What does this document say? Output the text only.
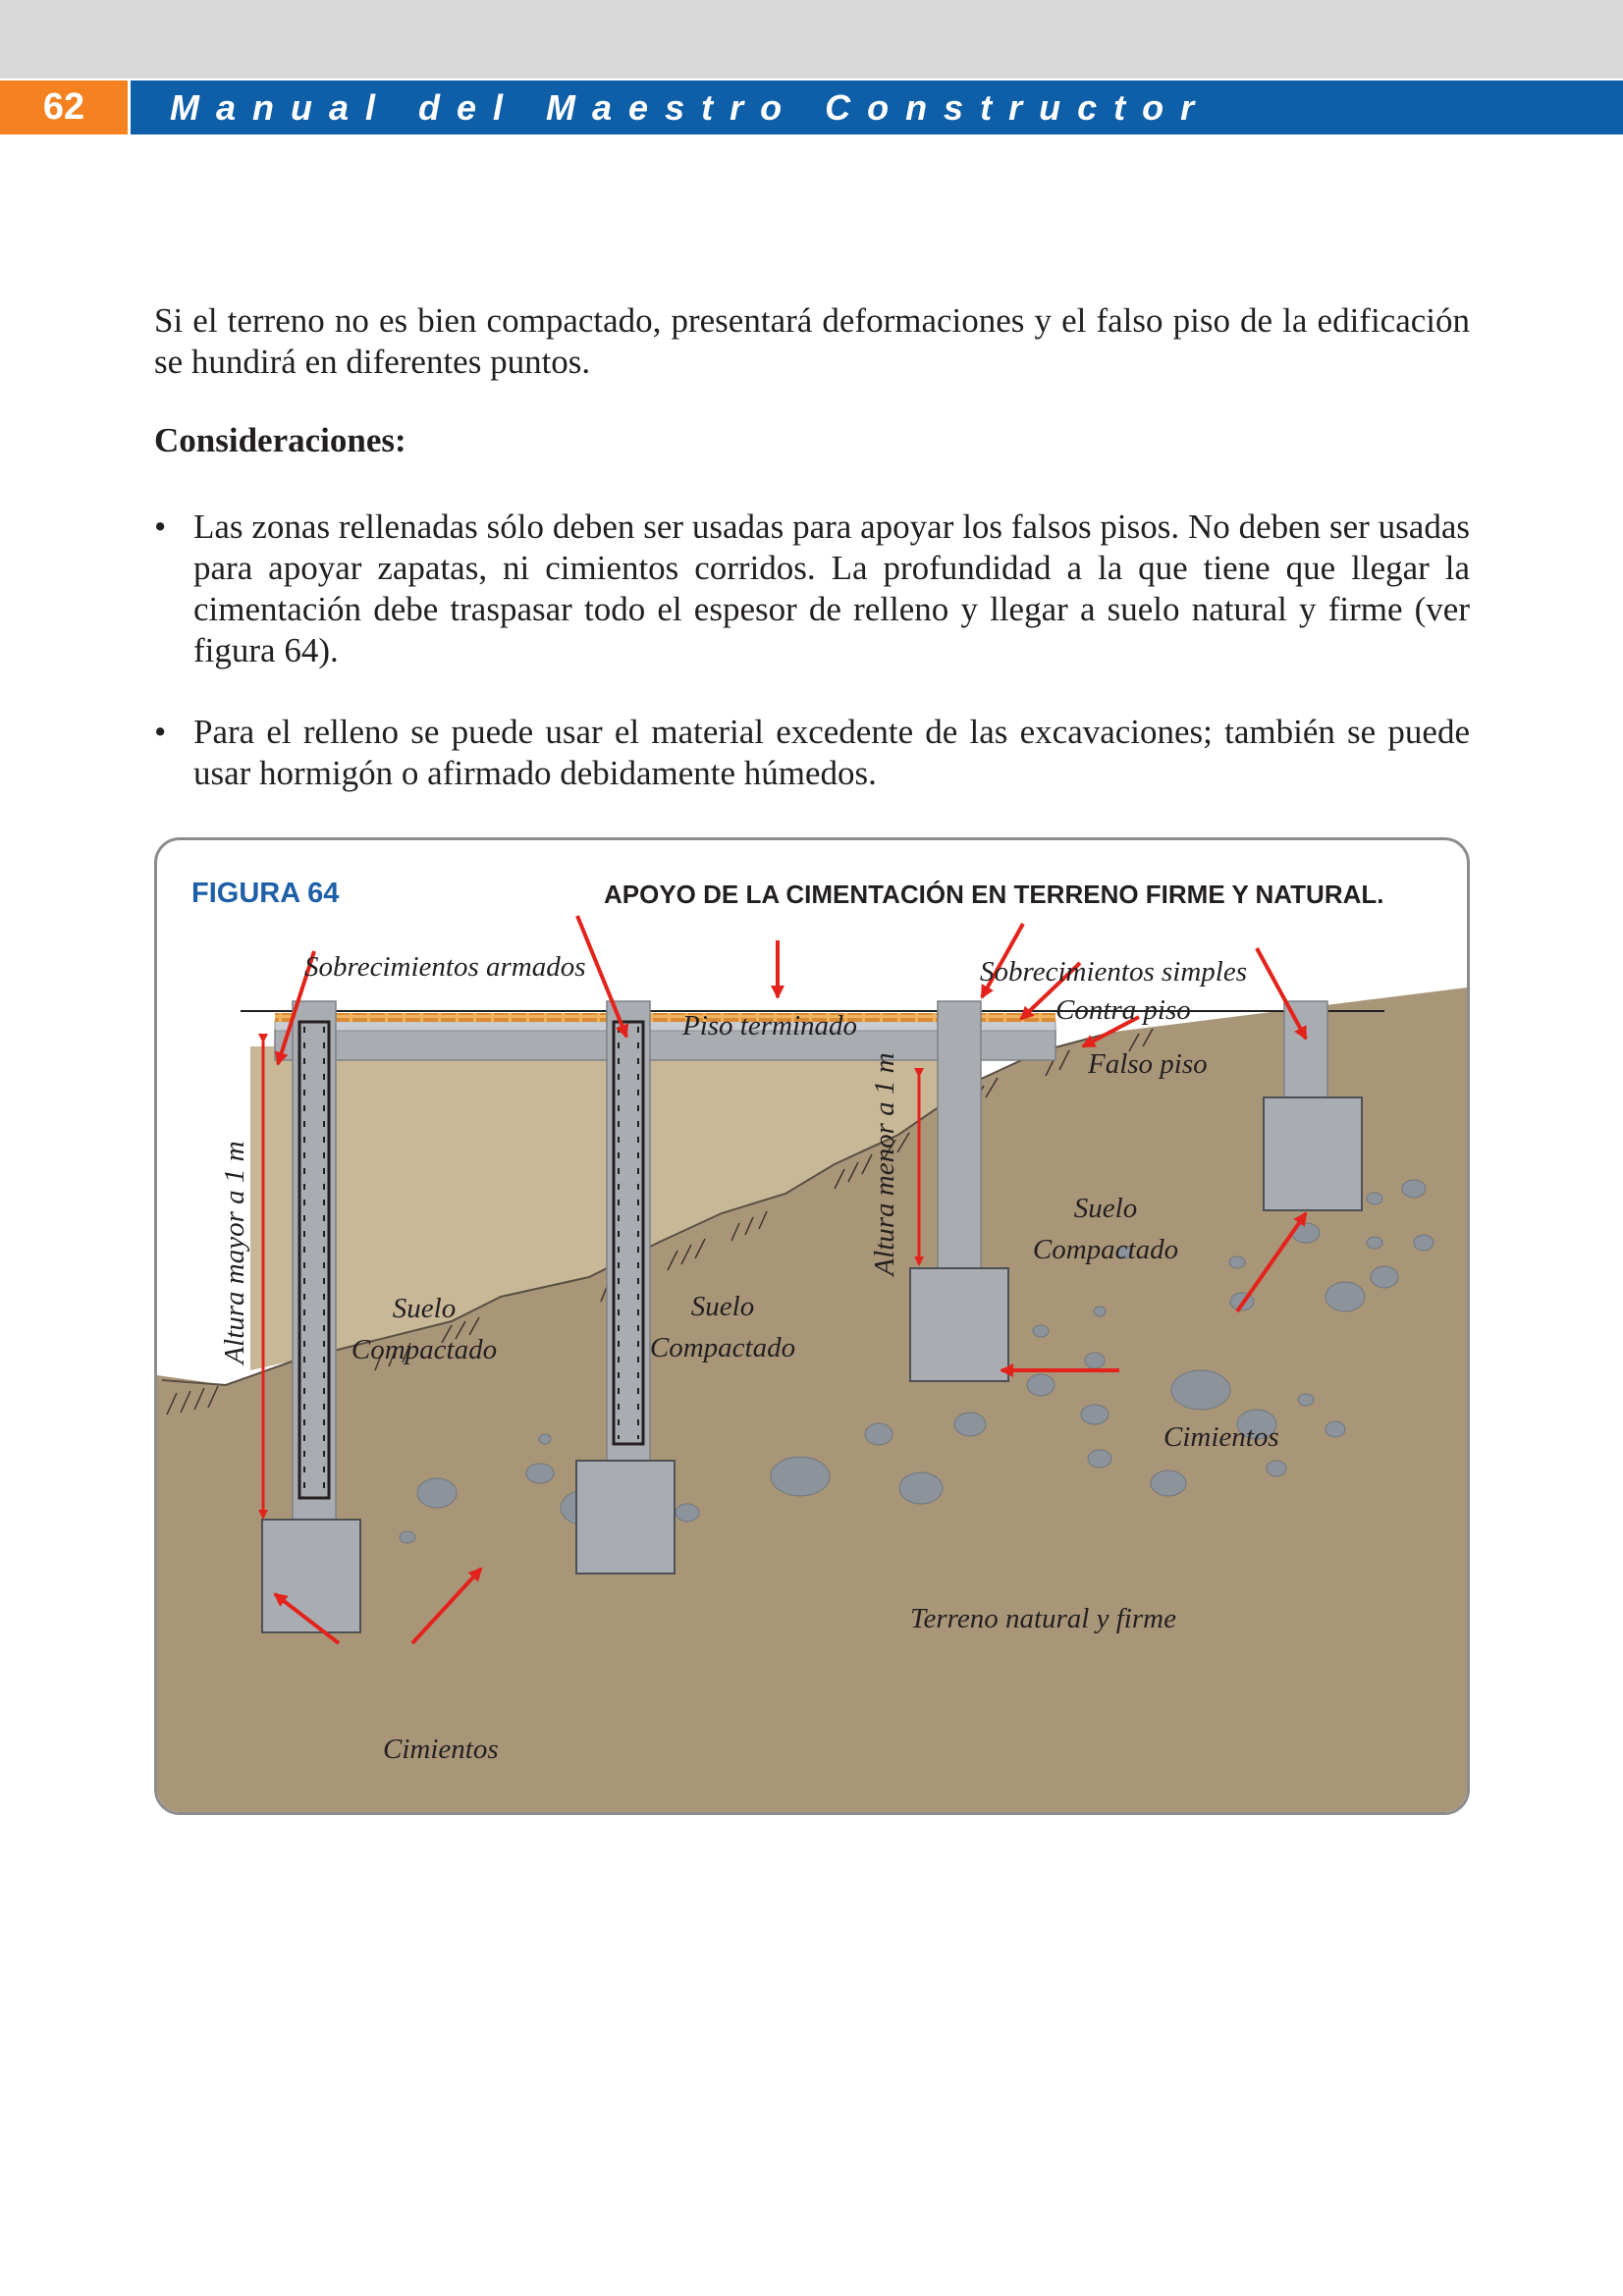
62	Manual del Maestro Constructor

Si el terreno no es bien compactado, presentará deformaciones y el falso piso de la edificación se hundirá en diferentes puntos.

Consideraciones:
• Las zonas rellenadas sólo deben ser usadas para apoyar los falsos pisos. No deben ser usadas para apoyar zapatas, ni cimientos corridos. La profundidad a la que tiene que llegar la cimentación debe traspasar todo el espesor de relleno y llegar a suelo natural y firme (ver figura 64).

• Para el relleno se puede usar el material excedente de las excavaciones; también se puede usar hormigón o afirmado debidamente húmedos.

FIGURA 64	APOYO DE LA CIMENTACIÓN EN TERRENO FIRME Y NATURAL.
Sobrecimientos armados
Piso terminado
Sobrecimientos simples
Contra piso
Falso piso
Suelo
Compactado
Suelo
Compactado
Suelo
Compactado
Altura mayor a 1 m	Altura menor a 1 m
Cimientos
Terreno natural y firme
Cimientos
